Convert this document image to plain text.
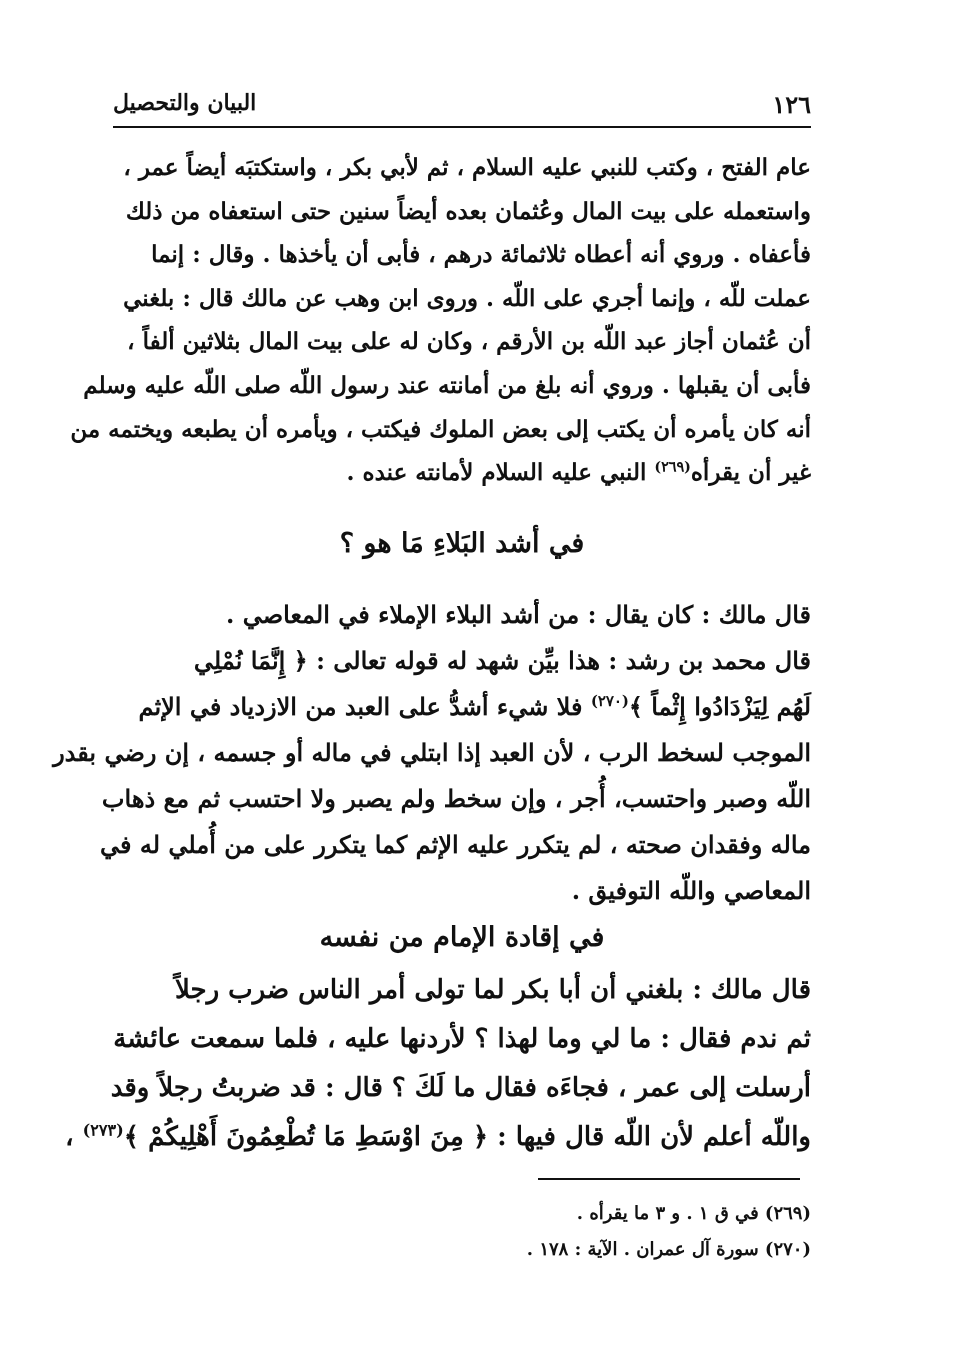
١٢٦
البيان والتحصيل
عام الفتح ، وكتب للنبي عليه السلام ، ثم لأبي بكر ، واستكتبَه أيضاً عمر ،
واستعمله على بيت المال وعُثمان بعده أيضاً سنين حتى استعفاه من ذلك
فأعفاه . وروي أنه أعطاه ثلاثمائة درهم ، فأبى أن يأخذها . وقال : إنما
عملت للّه ، وإنما أجري على اللّه . وروى ابن وهب عن مالك قال : بلغني
أن عُثمان أجاز عبد اللّه بن الأرقم ، وكان له على بيت المال بثلاثين ألفاً ،
فأبى أن يقبلها . وروي أنه بلغ من أمانته عند رسول اللّه صلى اللّه عليه وسلم
أنه كان يأمره أن يكتب إلى بعض الملوك فيكتب ، ويأمره أن يطبعه ويختمه من
غير أن يقرأه$^{(٢٦٩)}$ النبي عليه السلام لأمانته عنده .
في أشد البَلاءِ مَا هو ؟
قال مالك : كان يقال : من أشد البلاء الإملاء في المعاصي .
قال محمد بن رشد : هذا بيِّن شهد له قوله تعالى : ﴿ إِنَّمَا نُمْلِي
لَهُم لِيَزْدَادُوا إِثْماً ﴾$^{(٢٧٠)}$ فلا شيء أشدُّ على العبد من الازدياد في الإثم
الموجب لسخط الرب ، لأن العبد إذا ابتلي في ماله أو جسمه ، إن رضي بقدر
اللّه وصبر واحتسب، أُجر ، وإن سخط ولم يصبر ولا احتسب ثم مع ذهاب
ماله وفقدان صحته ، لم يتكرر عليه الإثم كما يتكرر على من أُملي له في
المعاصي واللّه التوفيق .
في إقادة الإمام من نفسه
قال مالك : بلغني أن أبا بكر لما تولى أمر الناس ضرب رجلاً
ثم ندم فقال : ما لي وما لهذا ؟ لأردنها عليه ، فلما سمعت عائشة
أرسلت إلى عمر ، فجاءَه فقال ما لَكَ ؟ قال : قد ضربتُ رجلاً وقد
واللّه أعلم لأن اللّه قال فيها : ﴿ مِنَ اوْسَطِ مَا تُطْعِمُونَ أَهْلِيكُمْ ﴾$^{(٢٧٣)}$ ،
(٢٦٩) في ق ١ . و ٣ ما يقرأه .
(٢٧٠) سورة آل عمران . الآية : ١٧٨ .
